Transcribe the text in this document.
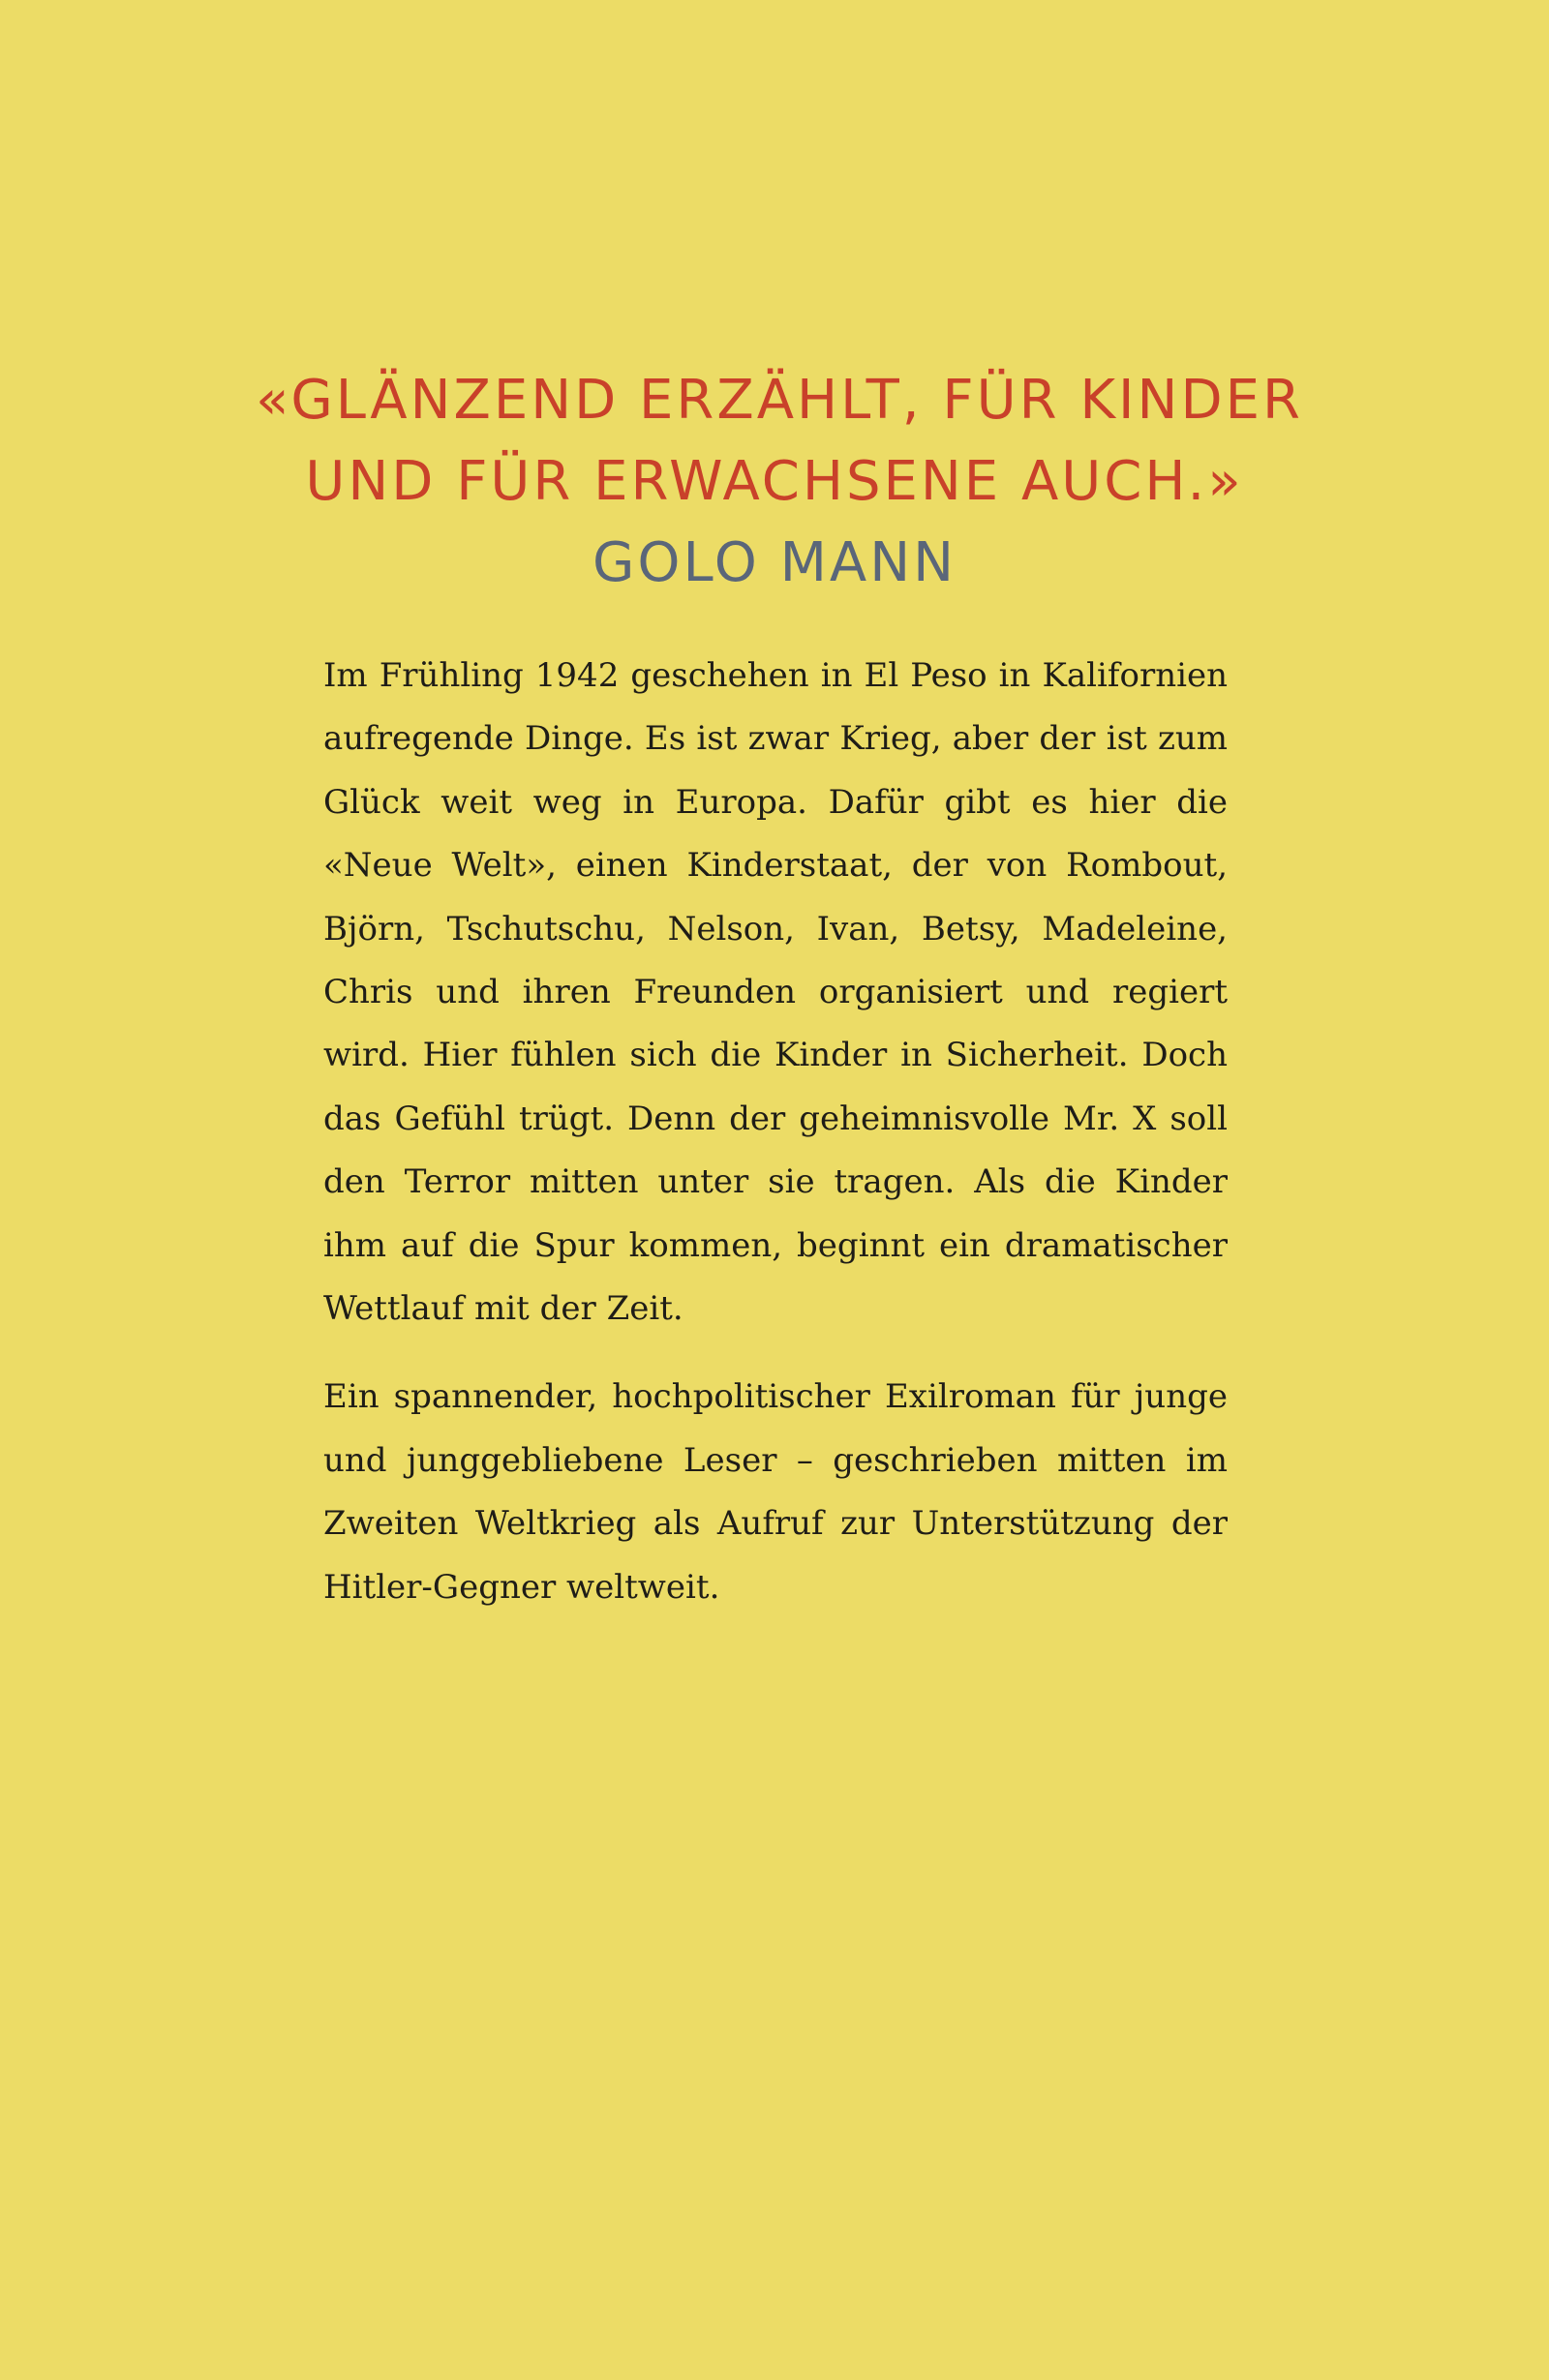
«GLÄNZEND ERZÄHLT, FÜR KINDER
UND FÜR ERWACHSENE AUCH.»
GOLO MANN

Im Frühling 1942 geschehen in El Peso in Kalifornien aufregende Dinge. Es ist zwar Krieg, aber der ist zum Glück weit weg in Europa. Dafür gibt es hier die «Neue Welt», einen Kinderstaat, der von Rombout, Björn, Tschutschu, Nelson, Ivan, Betsy, Madeleine, Chris und ihren Freunden organisiert und regiert wird. Hier fühlen sich die Kinder in Sicherheit. Doch das Gefühl trügt. Denn der geheimnisvolle Mr. X soll den Terror mitten unter sie tragen. Als die Kinder ihm auf die Spur kommen, beginnt ein dramatischer Wettlauf mit der Zeit.

Ein spannender, hochpolitischer Exilroman für junge und junggebliebene Leser – geschrieben mitten im Zweiten Weltkrieg als Aufruf zur Unterstützung der Hitler-Gegner weltweit.
